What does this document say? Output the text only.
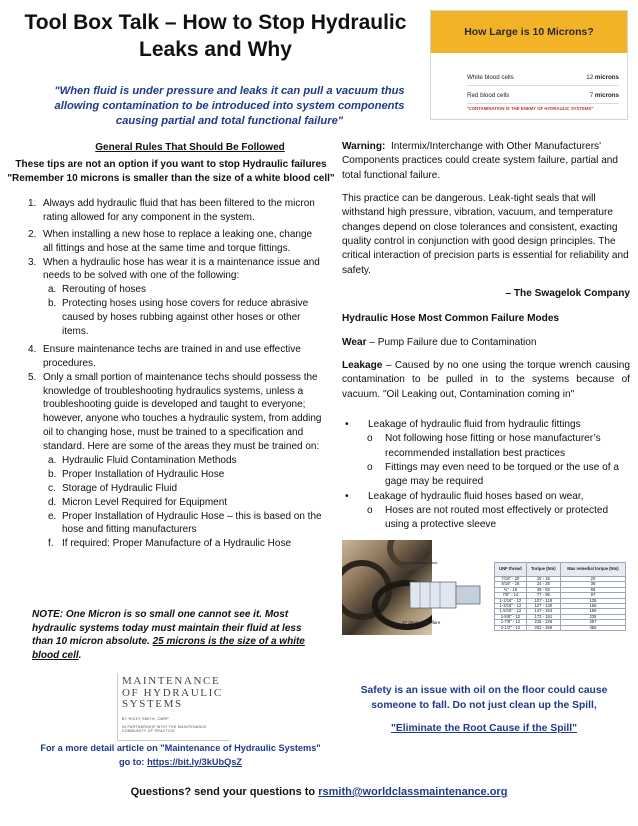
Tool Box Talk – How to Stop Hydraulic Leaks and Why
How Large is 10 Microns?
White blood cells	12 microns
Red blood cells	7 microns
"CONTAMINATION IS THE ENEMY OF HYDRAULIC SYSTEMS"
"When fluid is under pressure and leaks it can pull a vacuum thus allowing contamination to be introduced into system components causing partial and total functional failure"
General Rules That Should Be Followed
These tips are not an option if you want to stop Hydraulic failures
"Remember 10 microns is smaller than the size of a white blood cell"
1. Always add hydraulic fluid that has been filtered to the micron rating allowed for any component in the system.
2. When installing a new hose to replace a leaking one, change all fittings and hose at the same time and torque fittings.
3. When a hydraulic hose has wear it is a maintenance issue and needs to be solved with one of the following:
a. Rerouting of hoses
b. Protecting hoses using hose covers for reduce abrasive caused by hoses rubbing against other hoses or other items.
4. Ensure maintenance techs are trained in and use effective procedures.
5. Only a small portion of maintenance techs should possess the knowledge of troubleshooting hydraulics systems, unless a troubleshooting guide is developed and taught to everyone; however, anyone who touches a hydraulic system, from adding oil to changing hose, must be trained to a specification and standard. Here are some of the areas they must be trained on:
a. Hydraulic Fluid Contamination Methods
b. Proper Installation of Hydraulic Hose
c. Storage of Hydraulic Fluid
d. Micron Level Required for Equipment
e. Proper Installation of Hydraulic Hose – this is based on the hose and fitting manufacturers
f. If required: Proper Manufacture of a Hydraulic Hose
NOTE: One Micron is so small one cannot see it. Most hydraulic systems today must maintain their fluid at less than 10 micron absolute. 25 microns is the size of a white blood cell.
MAINTENANCE
OF HYDRAULIC
SYSTEMS
BY RICKY SMITH, CMRP
IN PARTNERSHIP WITH THE MAINTENANCE COMMUNITY OF PRACTICE
For a more detail article on "Maintenance of Hydraulic Systems"
go to: https://bit.ly/3kUbQsZ
Questions? send your questions to rsmith@worldclassmaintenance.org
Warning: Intermix/Interchange with Other Manufacturers' Components practices could create system failure, partial and total functional failure.
This practice can be dangerous. Leak-tight seals that will withstand high pressure, vibration, vacuum, and temperature changes depend on close tolerances and consistent, exacting quality control in conjunction with good design principles. The critical interaction of precision parts is essential for reliability and safety.
– The Swagelok Company
Hydraulic Hose Most Common Failure Modes
Wear – Pump Failure due to Contamination
Leakage – Caused by no one using the torque wrench causing contamination to be pulled in to the systems because of vacuum. "Oil Leaking out, Contamination coming in"
• Leakage of hydraulic fluid from hydraulic fittings
o Not following hose fitting or hose manufacturer’s recommended installation best practices
o Fittings may even need to be torqued or the use of a gage may be required
• Leakage of hydraulic fluid hoses based on wear,
o Hoses are not routed most effectively or protected using a protective sleeve
Mating adapter stud
37 degree JIC flare
UNF thread	Torque (Nm)	Max remedial torque (Nm)
7/16" - 20	15 - 16	20
9/16" - 18	24 - 28	36
¾" - 16	49 - 53	68
7/8" - 14	77 - 85	97
1-1/16" - 12	107 - 119	135
1-3/16" - 12	127 - 140	158
1-5/16" - 12	147 - 154	186
1-5/8" - 12	173 - 191	235
1-7/8" - 12	215 - 226	297
2-1/2" - 12	202 - 259	455
Safety is an issue with oil on the floor could cause someone to fall. Do not just clean up the Spill,
"Eliminate the Root Cause if the Spill"
